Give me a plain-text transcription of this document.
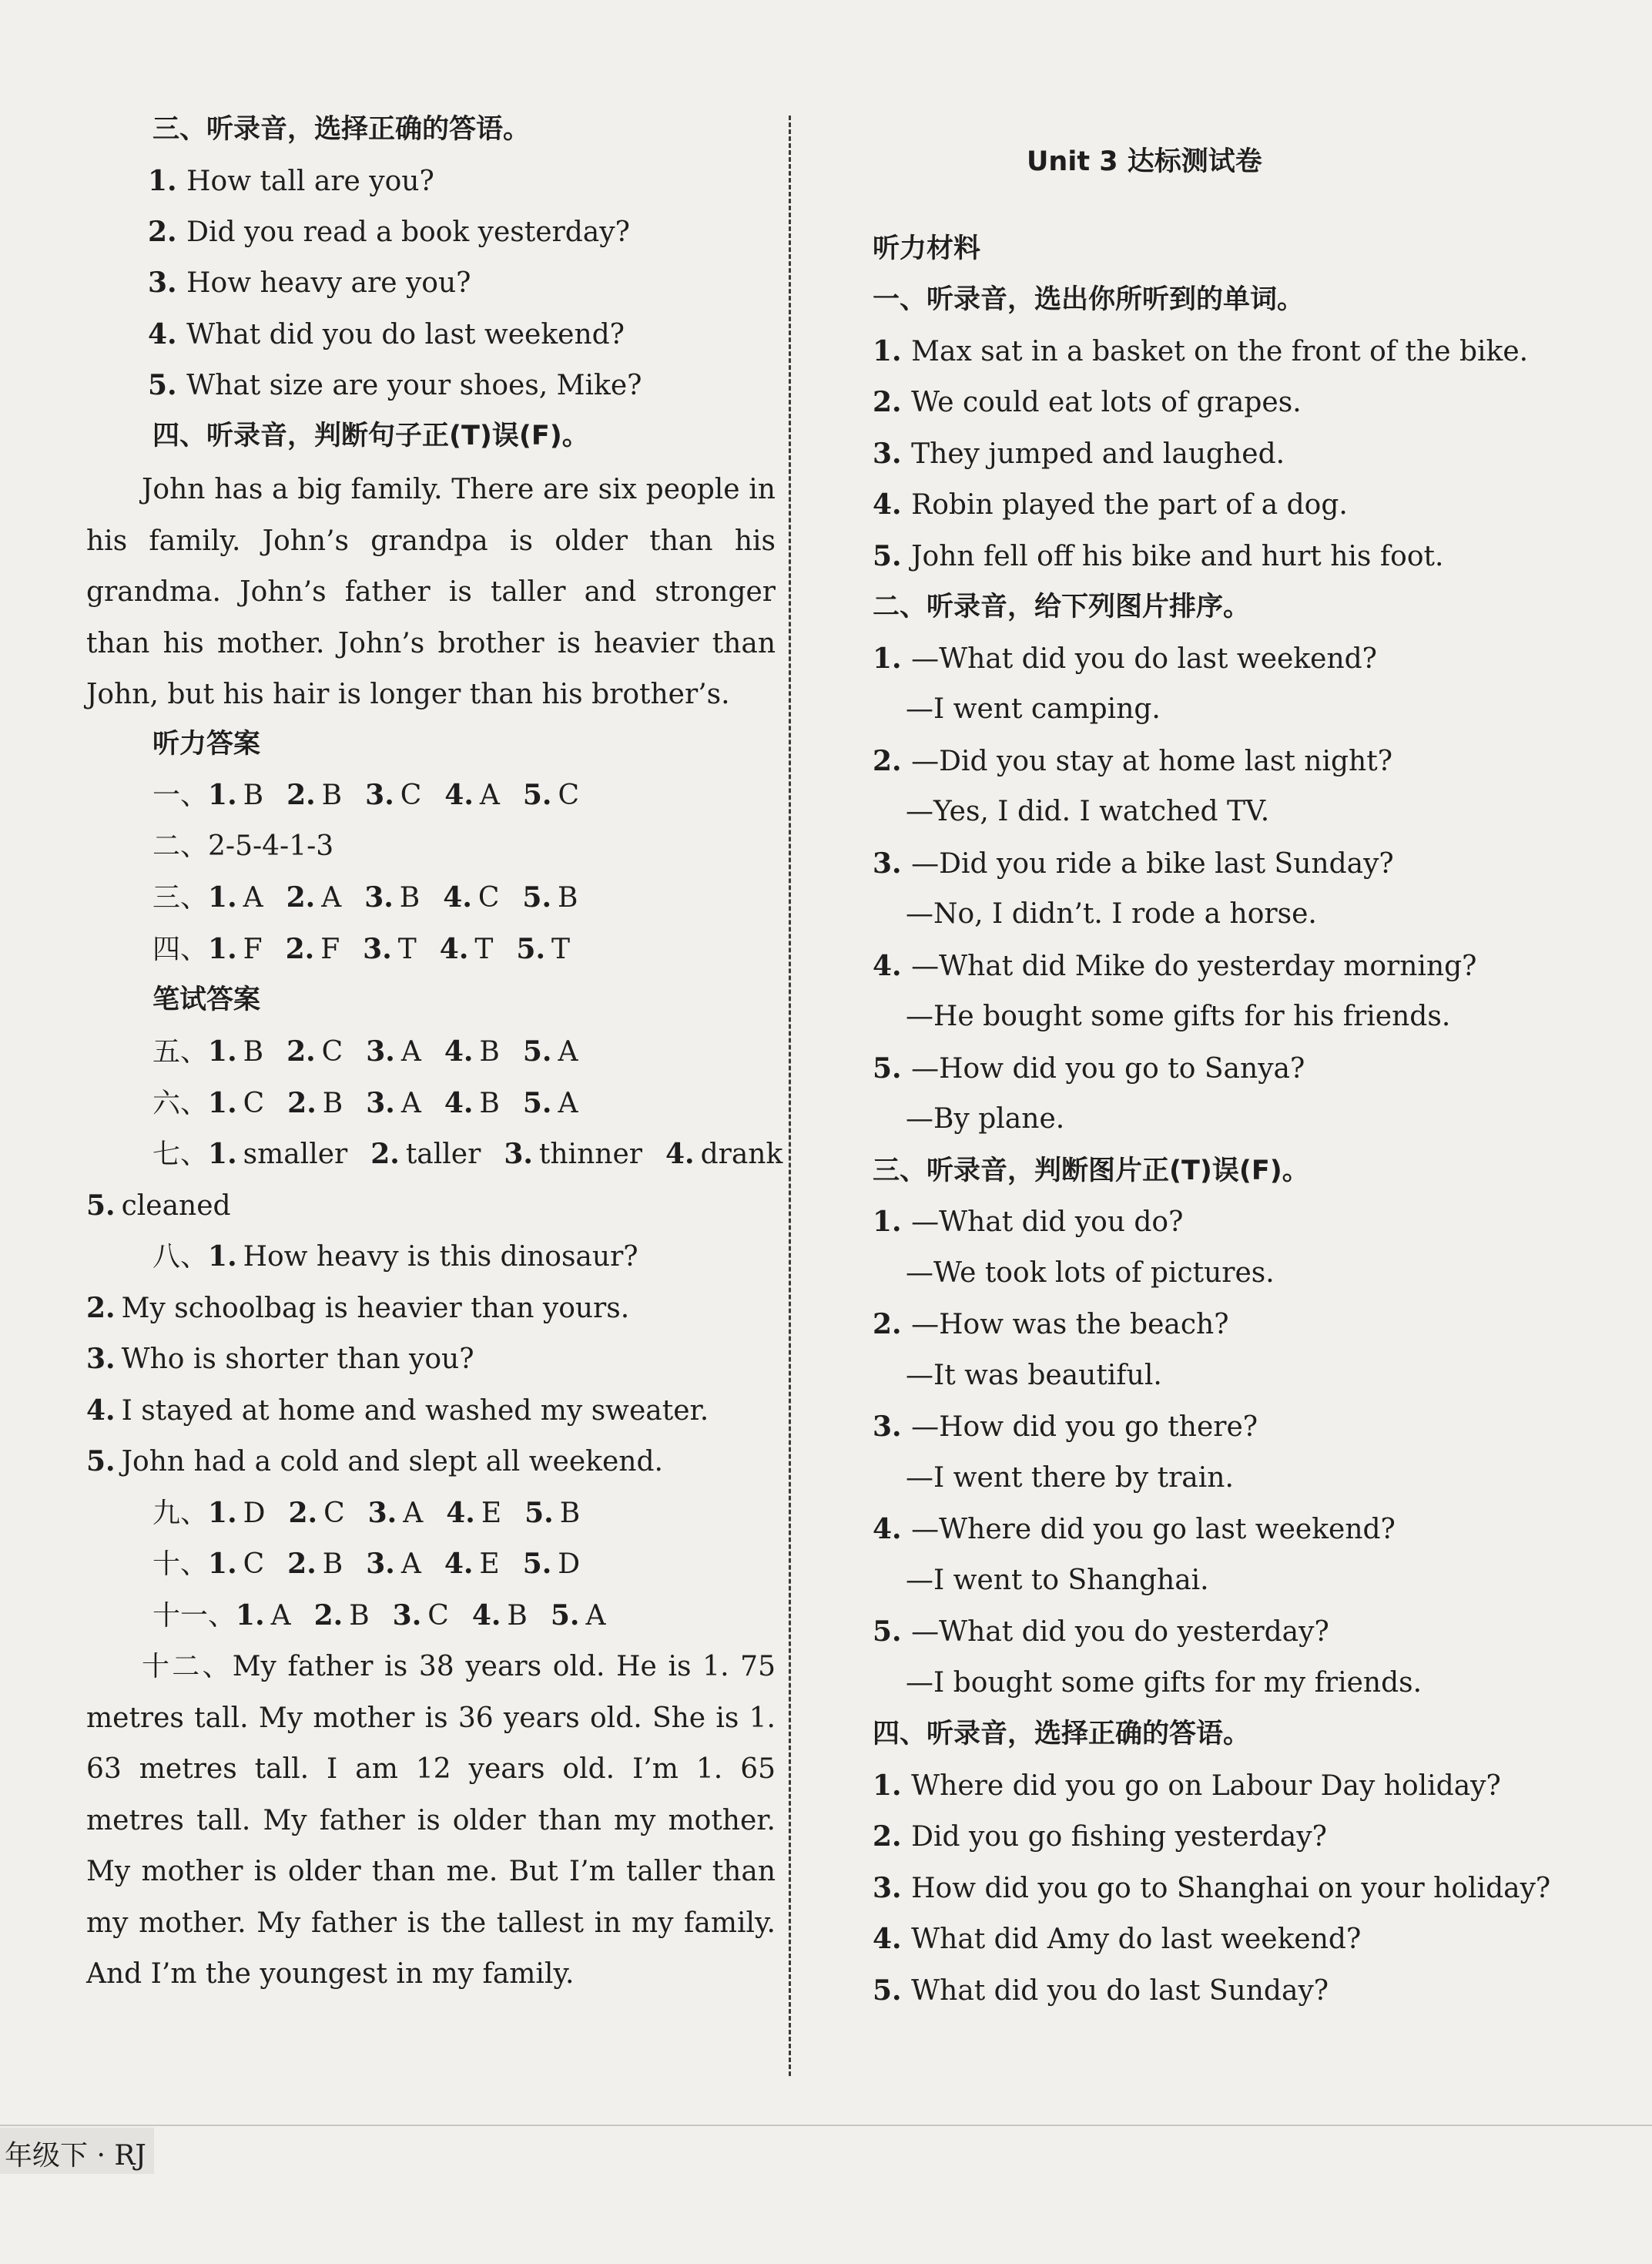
三、听录音，选择正确的答语。
1. How tall are you?
2. Did you read a book yesterday?
3. How heavy are you?
4. What did you do last weekend?
5. What size are your shoes, Mike?
四、听录音，判断句子正(T)误(F)。
John has a big family. There are six people in his family. John’s grandpa is older than his grandma. John’s father is taller and stronger than his mother. John’s brother is heavier than John, but his hair is longer than his brother’s.
听力答案
一、1. B 2. B 3. C 4. A 5. C
二、2-5-4-1-3
三、1. A 2. A 3. B 4. C 5. B
四、1. F 2. F 3. T 4. T 5. T
笔试答案
五、1. B 2. C 3. A 4. B 5. A
六、1. C 2. B 3. A 4. B 5. A
七、1. smaller 2. taller 3. thinner 4. drank
5. cleaned
八、1. How heavy is this dinosaur?
2. My schoolbag is heavier than yours.
3. Who is shorter than you?
4. I stayed at home and washed my sweater.
5. John had a cold and slept all weekend.
九、1. D 2. C 3. A 4. E 5. B
十、1. C 2. B 3. A 4. E 5. D
十一、1. A 2. B 3. C 4. B 5. A
十二、My father is 38 years old. He is 1. 75 metres tall. My mother is 36 years old. She is 1. 63 metres tall. I am 12 years old. I’m 1. 65 metres tall. My father is older than my mother. My mother is older than me. But I’m taller than my mother. My father is the tallest in my family. And I’m the youngest in my family.
Unit 3 达标测试卷
听力材料
一、听录音，选出你所听到的单词。
1. Max sat in a basket on the front of the bike.
2. We could eat lots of grapes.
3. They jumped and laughed.
4. Robin played the part of a dog.
5. John fell off his bike and hurt his foot.
二、听录音，给下列图片排序。
1. —What did you do last weekend?
—I went camping.
2. —Did you stay at home last night?
—Yes, I did. I watched TV.
3. —Did you ride a bike last Sunday?
—No, I didn’t. I rode a horse.
4. —What did Mike do yesterday morning?
—He bought some gifts for his friends.
5. —How did you go to Sanya?
—By plane.
三、听录音，判断图片正(T)误(F)。
1. —What did you do?
—We took lots of pictures.
2. —How was the beach?
—It was beautiful.
3. —How did you go there?
—I went there by train.
4. —Where did you go last weekend?
—I went to Shanghai.
5. —What did you do yesterday?
—I bought some gifts for my friends.
四、听录音，选择正确的答语。
1. Where did you go on Labour Day holiday?
2. Did you go fishing yesterday?
3. How did you go to Shanghai on your holiday?
4. What did Amy do last weekend?
5. What did you do last Sunday?
年级下 · RJ
